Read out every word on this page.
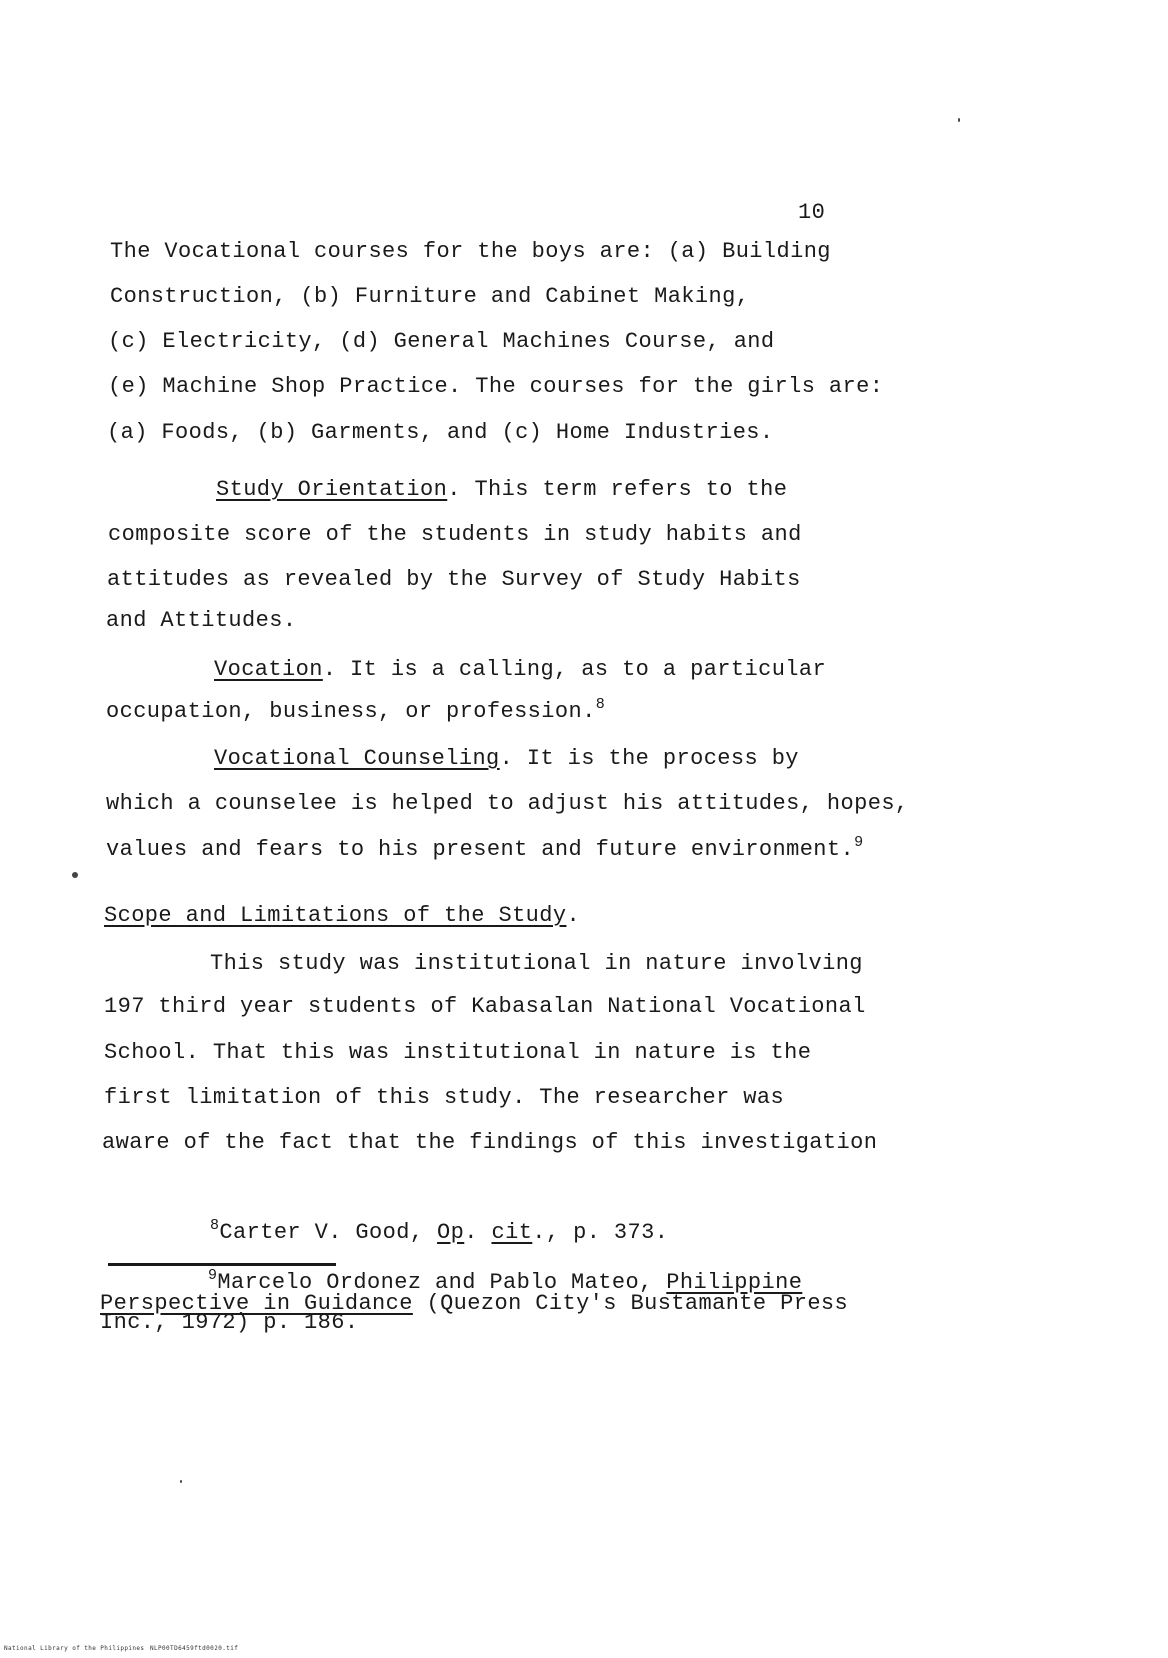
10
The Vocational courses for the boys are: (a) Building
Construction, (b) Furniture and Cabinet Making,
(c) Electricity, (d) General Machines Course, and
(e) Machine Shop Practice. The courses for the girls are:
(a) Foods, (b) Garments, and (c) Home Industries.
Study Orientation. This term refers to the
composite score of the students in study habits and
attitudes as revealed by the Survey of Study Habits
and Attitudes.
Vocation. It is a calling, as to a particular
occupation, business, or profession.$^8$
Vocational Counseling. It is the process by
which a counselee is helped to adjust his attitudes, hopes,
values and fears to his present and future environment.$^9$
Scope and Limitations of the Study.
This study was institutional in nature involving
197 third year students of Kabasalan National Vocational
School. That this was institutional in nature is the
first limitation of this study. The researcher was
aware of the fact that the findings of this investigation
$^8$Carter V. Good, Op. cit., p. 373.
$^9$Marcelo Ordonez and Pablo Mateo, Philippine
Perspective in Guidance (Quezon City's Bustamante Press
Inc., 1972) p. 186.
National Library of the Philippines NLP00TD6459ftd0020.tif
